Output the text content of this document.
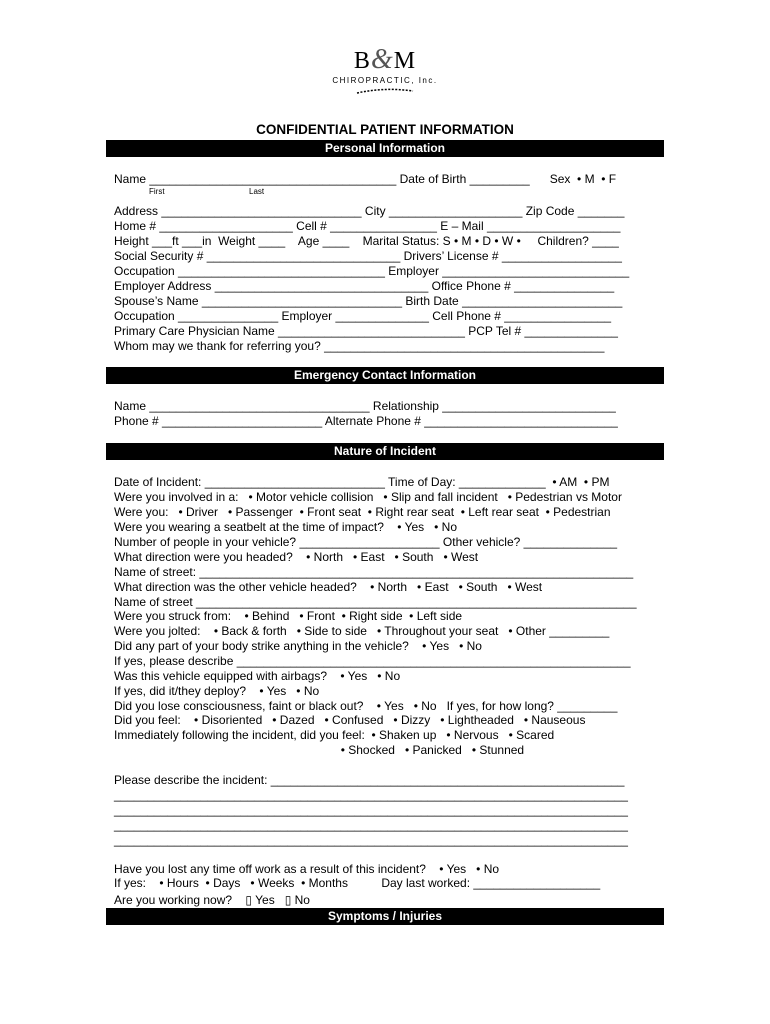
B&M
CHIROPRACTIC, Inc.
CONFIDENTIAL PATIENT INFORMATION
Personal Information
Name _____________________________________ Date of Birth _________      Sex  • M  • F
First	Last
Address ______________________________ City ____________________ Zip Code _______
Home # ____________________ Cell # ________________ E – Mail ____________________
Height ___ft ___in  Weight ____    Age ____    Marital Status: S • M • D • W •     Children? ____
Social Security # _____________________________ Drivers’ License # __________________
Occupation _______________________________ Employer ____________________________
Employer Address ________________________________ Office Phone # _______________
Spouse’s Name ______________________________ Birth Date ________________________
Occupation _______________ Employer ______________ Cell Phone # ________________
Primary Care Physician Name ____________________________ PCP Tel # ______________
Whom may we thank for referring you? __________________________________________
Emergency Contact Information
Name _________________________________ Relationship __________________________
Phone # ________________________ Alternate Phone # _____________________________
Nature of Incident
Date of Incident: ___________________________ Time of Day: _____________  • AM  • PM
Were you involved in a:   • Motor vehicle collision   • Slip and fall incident   • Pedestrian vs Motor
Were you:   • Driver   • Passenger  • Front seat  • Right rear seat  • Left rear seat  • Pedestrian
Were you wearing a seatbelt at the time of impact?    • Yes   • No
Number of people in your vehicle? _____________________ Other vehicle? ______________
What direction were you headed?    • North   • East   • South   • West
Name of street: _________________________________________________________________
What direction was the other vehicle headed?    • North   • East   • South   • West
Name of street __________________________________________________________________
Were you struck from:    • Behind   • Front  • Right side  • Left side
Were you jolted:    • Back & forth   • Side to side   • Throughout your seat   • Other _________
Did any part of your body strike anything in the vehicle?    • Yes   • No
If yes, please describe ___________________________________________________________
Was this vehicle equipped with airbags?    • Yes   • No
If yes, did it/they deploy?    • Yes   • No
Did you lose consciousness, faint or black out?    • Yes   • No   If yes, for how long? _________
Did you feel:    • Disoriented   • Dazed   • Confused   • Dizzy   • Lightheaded   • Nauseous
Immediately following the incident, did you feel:  • Shaken up   • Nervous   • Scared
• Shocked   • Panicked   • Stunned
Please describe the incident: _____________________________________________________
_____________________________________________________________________________
_____________________________________________________________________________
_____________________________________________________________________________
_____________________________________________________________________________
Have you lost any time off work as a result of this incident?    • Yes   • No
If yes:    • Hours  • Days   • Weeks  • Months          Day last worked: ___________________
Are you working now?    ▯ Yes   ▯ No
Symptoms / Injuries
